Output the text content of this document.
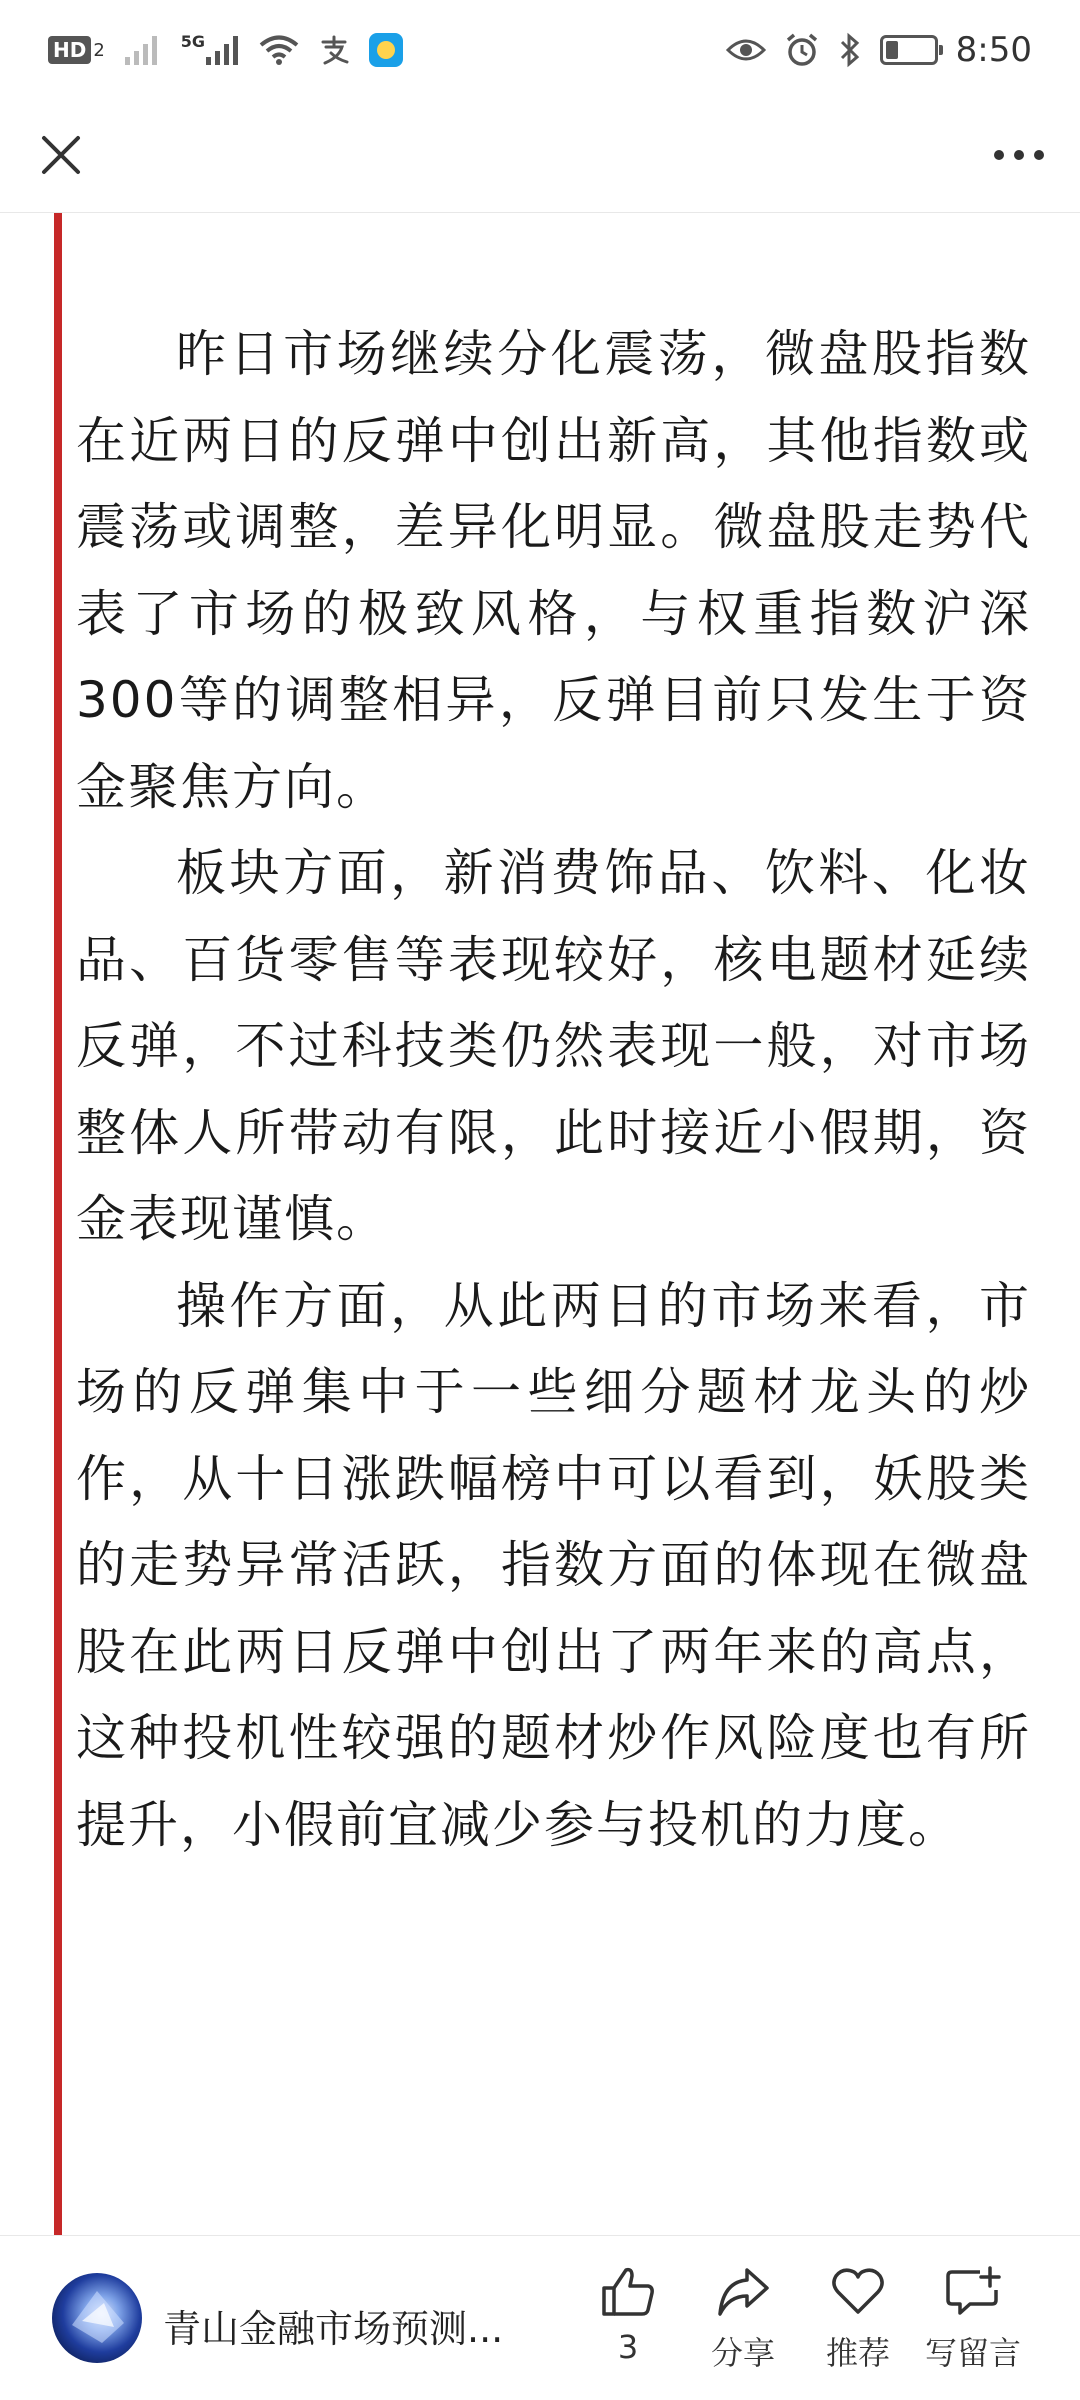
HD 2	5G	8:50

昨日市场继续分化震荡，微盘股指数在近两日的反弹中创出新高，其他指数或震荡或调整，差异化明显。微盘股走势代表了市场的极致风格，与权重指数沪深300等的调整相异，反弹目前只发生于资金聚焦方向。

板块方面，新消费饰品、饮料、化妆品、百货零售等表现较好，核电题材延续反弹，不过科技类仍然表现一般，对市场整体人所带动有限，此时接近小假期，资金表现谨慎。

操作方面，从此两日的市场来看，市场的反弹集中于一些细分题材龙头的炒作，从十日涨跌幅榜中可以看到，妖股类的走势异常活跃，指数方面的体现在微盘股在此两日反弹中创出了两年来的高点，这种投机性较强的题材炒作风险度也有所提升，小假前宜减少参与投机的力度。

青山金融市场预测...	3 分享 推荐 写留言
